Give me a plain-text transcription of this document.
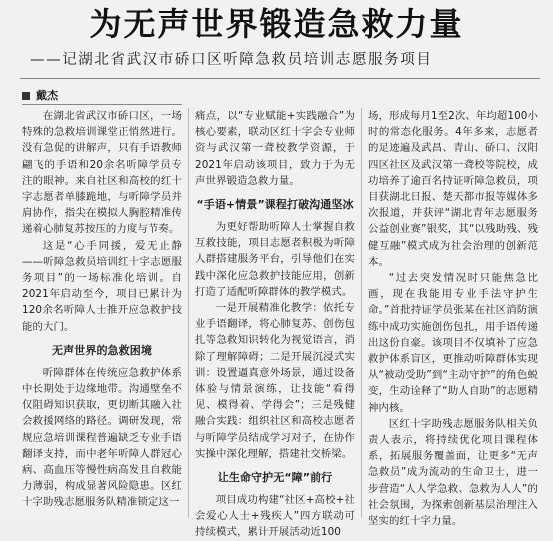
为无声世界锻造急救力量
——记湖北省武汉市硚口区听障急救员培训志愿服务项目
戴杰

在湖北省武汉市硚口区，一场特殊的急救培训课堂正悄然进行。没有急促的讲解声，只有手语教师翩飞的手语和20余名听障学员专注的眼神。来自社区和高校的红十字志愿者单膝跪地，与听障学员并肩协作，指尖在模拟人胸腔精准传递着心肺复苏按压的力度与节奏。

这是“心手同援，爱无止静——听障急救员培训红十字志愿服务项目”的一场标准化培训。自2021年启动至今，项目已累计为120余名听障人士推开应急救护技能的大门。

无声世界的急救困境

听障群体在传统应急救护体系中长期处于边缘地带。沟通壁垒不仅阻碍知识获取，更切断其融入社会救援网络的路径。调研发现，常规应急培训课程普遍缺乏专业手语翻译支持，而中老年听障人群冠心病、高血压等慢性病高发且自救能力薄弱，构成显著风险隐患。区红十字助残志愿服务队精准锁定这一

痛点，以“专业赋能+实践融合”为核心要素，联动区红十字会专业师资与武汉第一聋校教学资源，于2021年启动该项目，致力于为无声世界锻造急救力量。

“手语+情景”课程打破沟通坚冰

为更好帮助听障人士掌握自救互救技能，项目志愿者积极为听障人群搭建服务平台，引导他们在实践中深化应急救护技能应用，创新打造了适配听障群体的教学模式。

一是开展精准化教学：依托专业手语翻译，将心肺复苏、创伤包扎等急救知识转化为视觉语言，消除了理解障碍；二是开展沉浸式实训：设置逼真意外场景，通过设备体验与情景演练，让技能“看得见、模得着、学得会”；三是残健融合实践：组织社区和高校志愿者与听障学员结成学习对子，在协作实操中深化理解，搭建社交桥梁。

让生命守护无“障”前行

项目成功构建“社区+高校+社会爱心人士+残疾人”四方联动可持续模式，累计开展活动近100

场，形成每月1至2次、年均超100小时的常态化服务。4年多来，志愿者的足迹遍及武昌、青山、硚口、汉阳四区社区及武汉第一聋校等院校，成功培养了逾百名持证听障急救员，项目获湖北日报、楚天都市报等媒体多次报道，并获评“湖北青年志愿服务公益创业赛”银奖，其“以残助残、残健互融”模式成为社会治理的创新范本。

“过去突发情况时只能焦急比画，现在我能用专业手法守护生命。”首批持证学员张某在社区消防演练中成功实施创伤包扎，用手语传递出这份自豪。该项目不仅填补了应急救护体系盲区，更推动听障群体实现从“被动受助”到“主动守护”的角色蜕变，生动诠释了“助人自助”的志愿精神内核。

区红十字助残志愿服务队相关负责人表示，将持续优化项目课程体系，拓展服务覆盖面，让更多“无声急救员”成为流动的生命卫士，进一步营造“人人学急救、急救为人人”的社会氛围，为探索创新基层治理注入坚实的红十字力量。
